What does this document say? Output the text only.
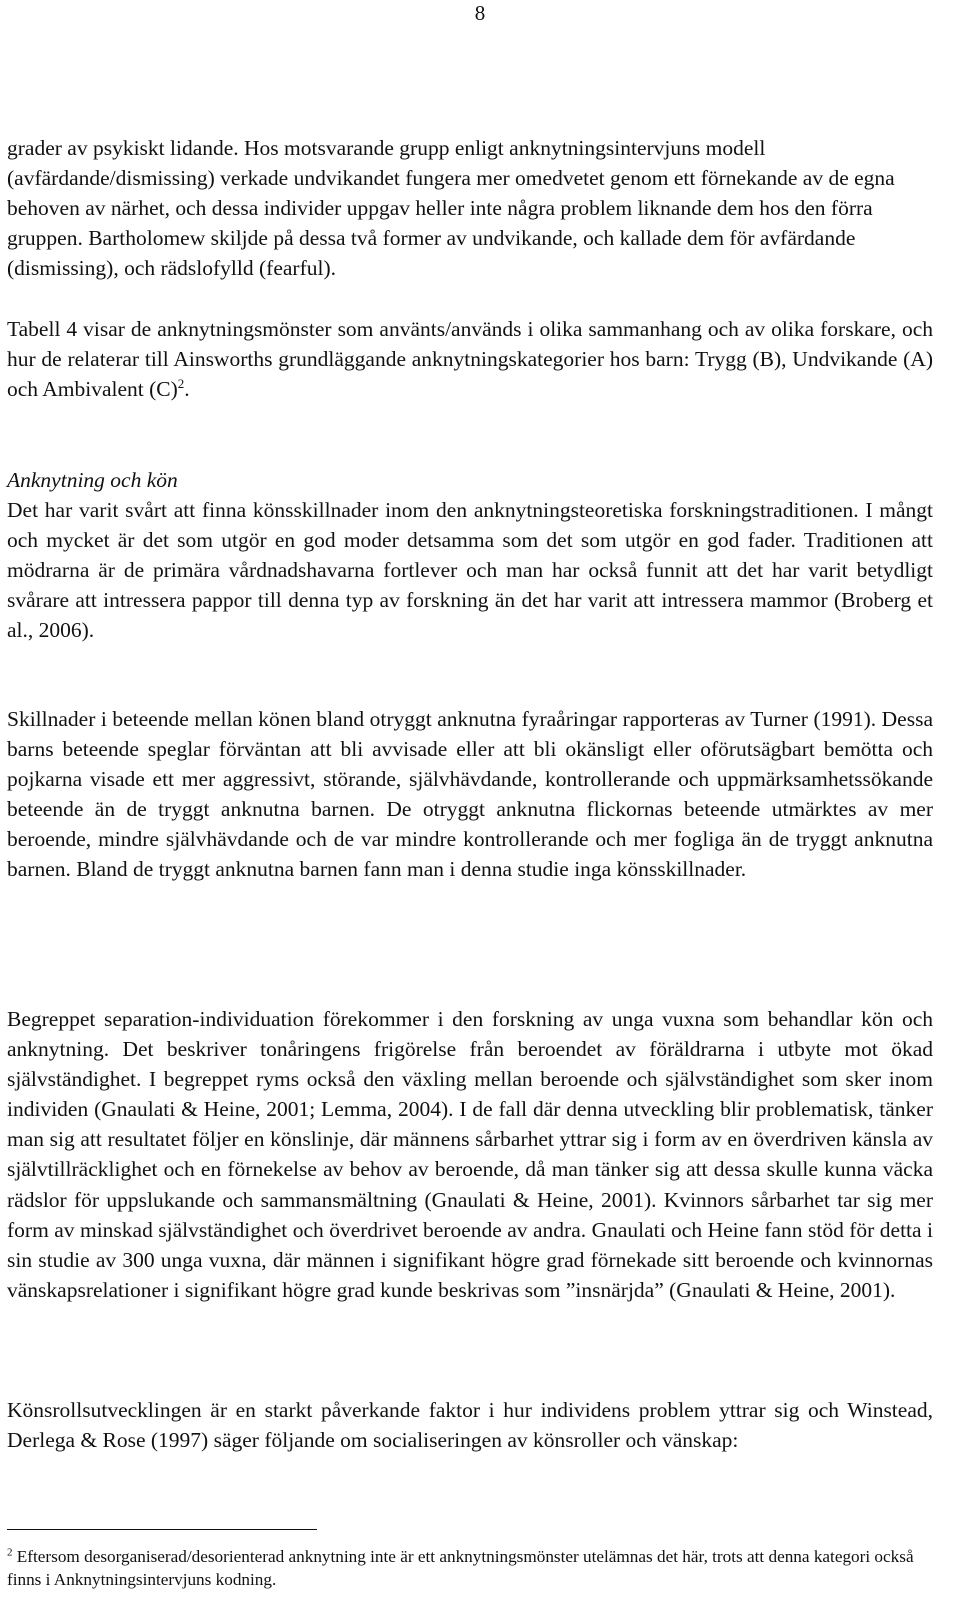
8

grader av psykiskt lidande. Hos motsvarande grupp enligt anknytningsintervjuns modell (avfärdande/dismissing) verkade undvikandet fungera mer omedvetet genom ett förnekande av de egna behoven av närhet, och dessa individer uppgav heller inte några problem liknande dem hos den förra gruppen. Bartholomew skiljde på dessa två former av undvikande, och kallade dem för avfärdande (dismissing), och rädslofylld (fearful).

Tabell 4 visar de anknytningsmönster som använts/används i olika sammanhang och av olika forskare, och hur de relaterar till Ainsworths grundläggande anknytningskategorier hos barn: Trygg (B), Undvikande (A) och Ambivalent $(C)^2$.

Anknytning och kön

Det har varit svårt att finna könsskillnader inom den anknytningsteoretiska forskningstraditionen. I mångt och mycket är det som utgör en god moder detsamma som det som utgör en god fader. Traditionen att mödrarna är de primära vårdnadshavarna fortlever och man har också funnit att det har varit betydligt svårare att intressera pappor till denna typ av forskning än det har varit att intressera mammor (Broberg et al., 2006).

Skillnader i beteende mellan könen bland otryggt anknutna fyraåringar rapporteras av Turner (1991). Dessa barns beteende speglar förväntan att bli avvisade eller att bli okänsligt eller oförutsägbart bemötta och pojkarna visade ett mer aggressivt, störande, självhävdande, kontrollerande och uppmärksamhetssökande beteende än de tryggt anknutna barnen. De otryggt anknutna flickornas beteende utmärktes av mer beroende, mindre självhävdande och de var mindre kontrollerande och mer fogliga än de tryggt anknutna barnen. Bland de tryggt anknutna barnen fann man i denna studie inga könsskillnader.

Begreppet separation-individuation förekommer i den forskning av unga vuxna som behandlar kön och anknytning. Det beskriver tonåringens frigörelse från beroendet av föräldrarna i utbyte mot ökad självständighet. I begreppet ryms också den växling mellan beroende och självständighet som sker inom individen (Gnaulati & Heine, 2001; Lemma, 2004). I de fall där denna utveckling blir problematisk, tänker man sig att resultatet följer en könslinje, där männens sårbarhet yttrar sig i form av en överdriven känsla av självtillräcklighet och en förnekelse av behov av beroende, då man tänker sig att dessa skulle kunna väcka rädslor för uppslukande och sammansmältning (Gnaulati & Heine, 2001). Kvinnors sårbarhet tar sig mer form av minskad självständighet och överdrivet beroende av andra. Gnaulati och Heine fann stöd för detta i sin studie av 300 unga vuxna, där männen i signifikant högre grad förnekade sitt beroende och kvinnornas vänskapsrelationer i signifikant högre grad kunde beskrivas som ”insnärjda” (Gnaulati & Heine, 2001).

Könsrollsutvecklingen är en starkt påverkande faktor i hur individens problem yttrar sig och Winstead, Derlega & Rose (1997) säger följande om socialiseringen av könsroller och vänskap:

$^2$ Eftersom desorganiserad/desorienterad anknytning inte är ett anknytningsmönster utelämnas det här, trots att denna kategori också finns i Anknytningsintervjuns kodning.
